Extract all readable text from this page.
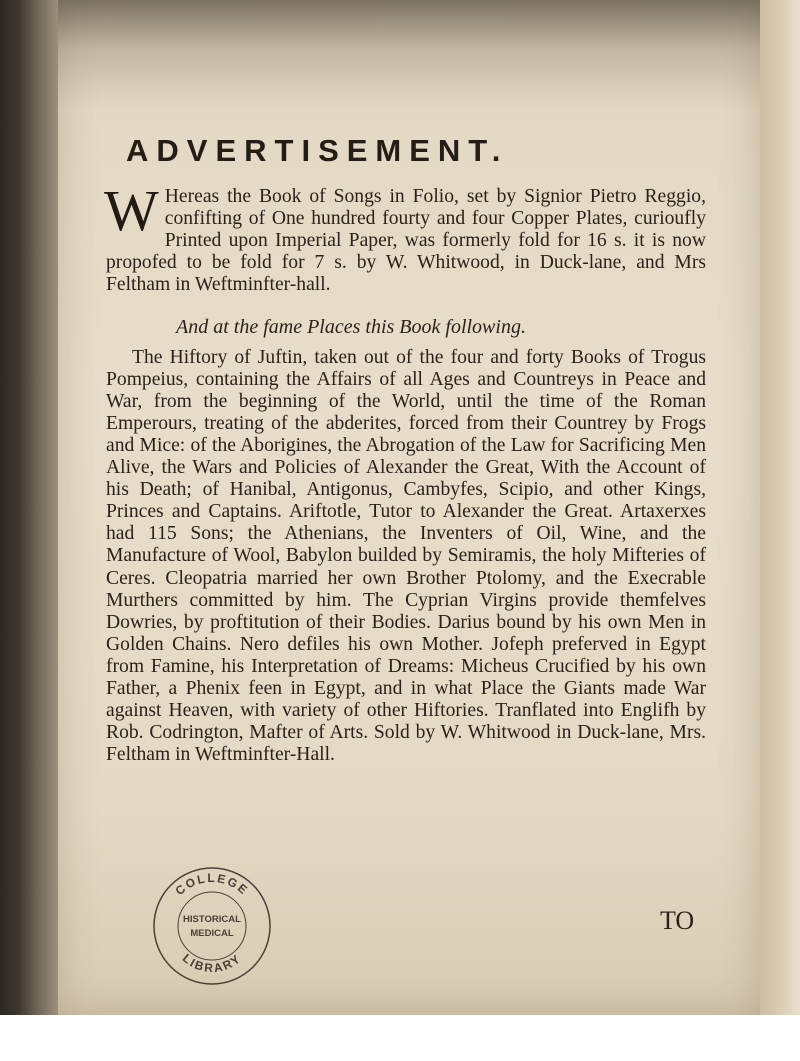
ADVERTISEMENT.

W Hereas the Book of Songs in Folio, set by Signior Pietro Reggio, confifting of One hundred fourty and four Copper Plates, curioufly Printed upon Imperial Paper, was formerly fold for 16 s. it is now propofed to be fold for 7 s. by W. Whitwood, in Duck-lane, and Mrs Feltham in Weftminfter-hall.

And at the fame Places this Book following.

The Hiftory of Juftin, taken out of the four and forty Books of Trogus Pompeius, containing the Affairs of all Ages and Countreys in Peace and War, from the beginning of the World, until the time of the Roman Emperours, treating of the abderites, forced from their Countrey by Frogs and Mice: of the Aborigines, the Abrogation of the Law for Sacrificing Men Alive, the Wars and Policies of Alexander the Great, With the Account of his Death; of Hanibal, Antigonus, Cambyfes, Scipio, and other Kings, Princes and Captains. Ariftotle, Tutor to Alexander the Great. Artaxerxes had 115 Sons; the Athenians, the Inventers of Oil, Wine, and the Manufacture of Wool, Babylon builded by Semiramis, the holy Mifteries of Ceres. Cleopatria married her own Brother Ptolomy, and the Execrable Murthers committed by him. The Cyprian Virgins provide themfelves Dowries, by proftitution of their Bodies. Darius bound by his own Men in Golden Chains. Nero defiles his own Mother. Jofeph preferved in Egypt from Famine, his Interpretation of Dreams: Micheus Crucified by his own Father, a Phenix feen in Egypt, and in what Place the Giants made War against Heaven, with variety of other Hiftories. Tranflated into Englifh by Rob. Codrington, Mafter of Arts. Sold by W. Whitwood in Duck-lane, Mrs. Feltham in Weftminfter-Hall.

COLLEGE
HISTORICAL
MEDICAL
LIBRARY
TO
